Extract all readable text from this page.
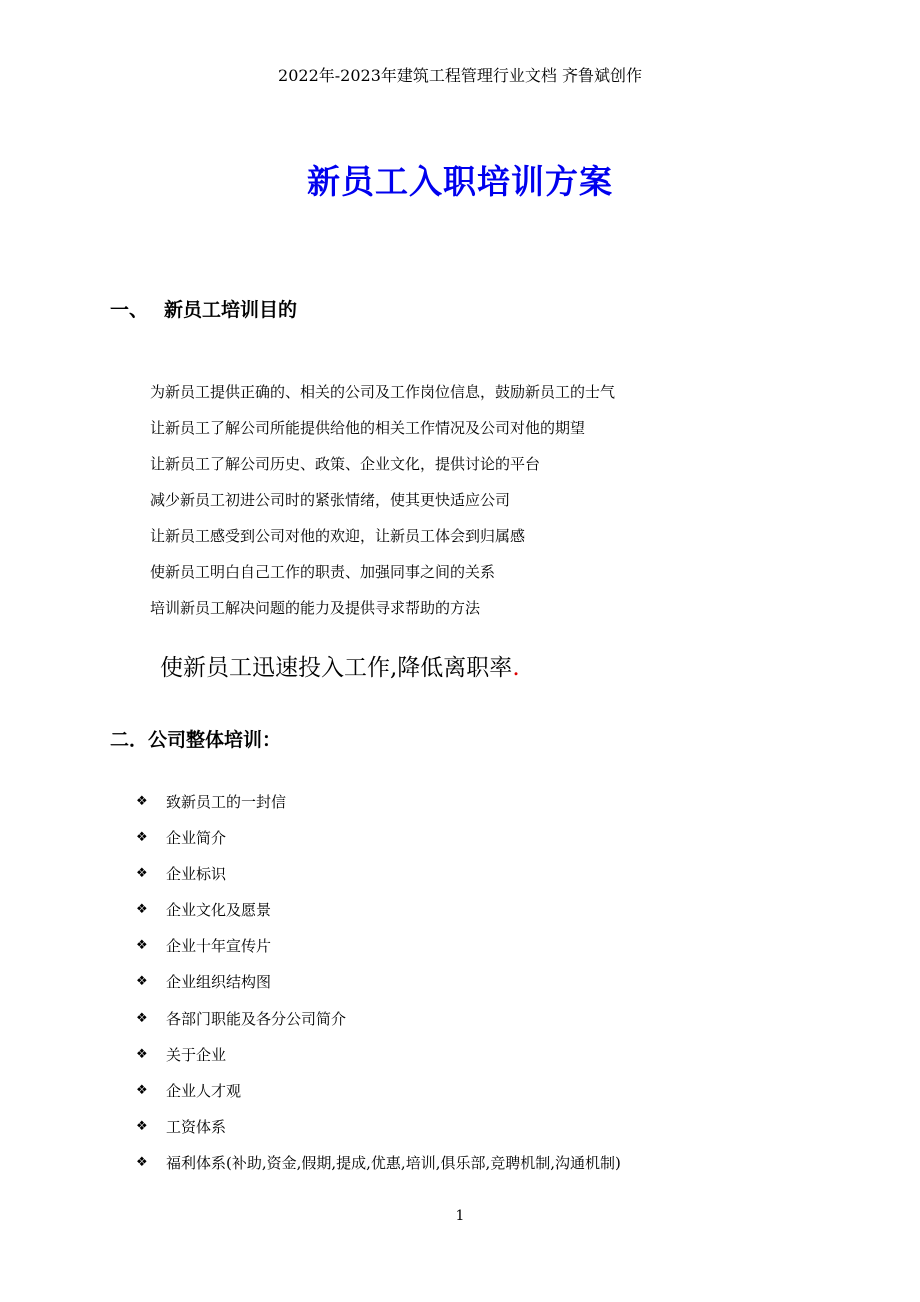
2022年-2023年建筑工程管理行业文档 齐鲁斌创作
新员工入职培训方案
一、 新员工培训目的
为新员工提供正确的、相关的公司及工作岗位信息，鼓励新员工的士气
让新员工了解公司所能提供给他的相关工作情况及公司对他的期望
让新员工了解公司历史、政策、企业文化，提供讨论的平台
减少新员工初进公司时的紧张情绪，使其更快适应公司
让新员工感受到公司对他的欢迎，让新员工体会到归属感
使新员工明白自己工作的职责、加强同事之间的关系
培训新员工解决问题的能力及提供寻求帮助的方法
使新员工迅速投入工作,降低离职率.
二．公司整体培训：
❖	致新员工的一封信
❖	企业简介
❖	企业标识
❖	企业文化及愿景
❖	企业十年宣传片
❖	企业组织结构图
❖	各部门职能及各分公司简介
❖	关于企业
❖	企业人才观
❖	工资体系
❖	福利体系(补助,资金,假期,提成,优惠,培训,俱乐部,竞聘机制,沟通机制)
1
